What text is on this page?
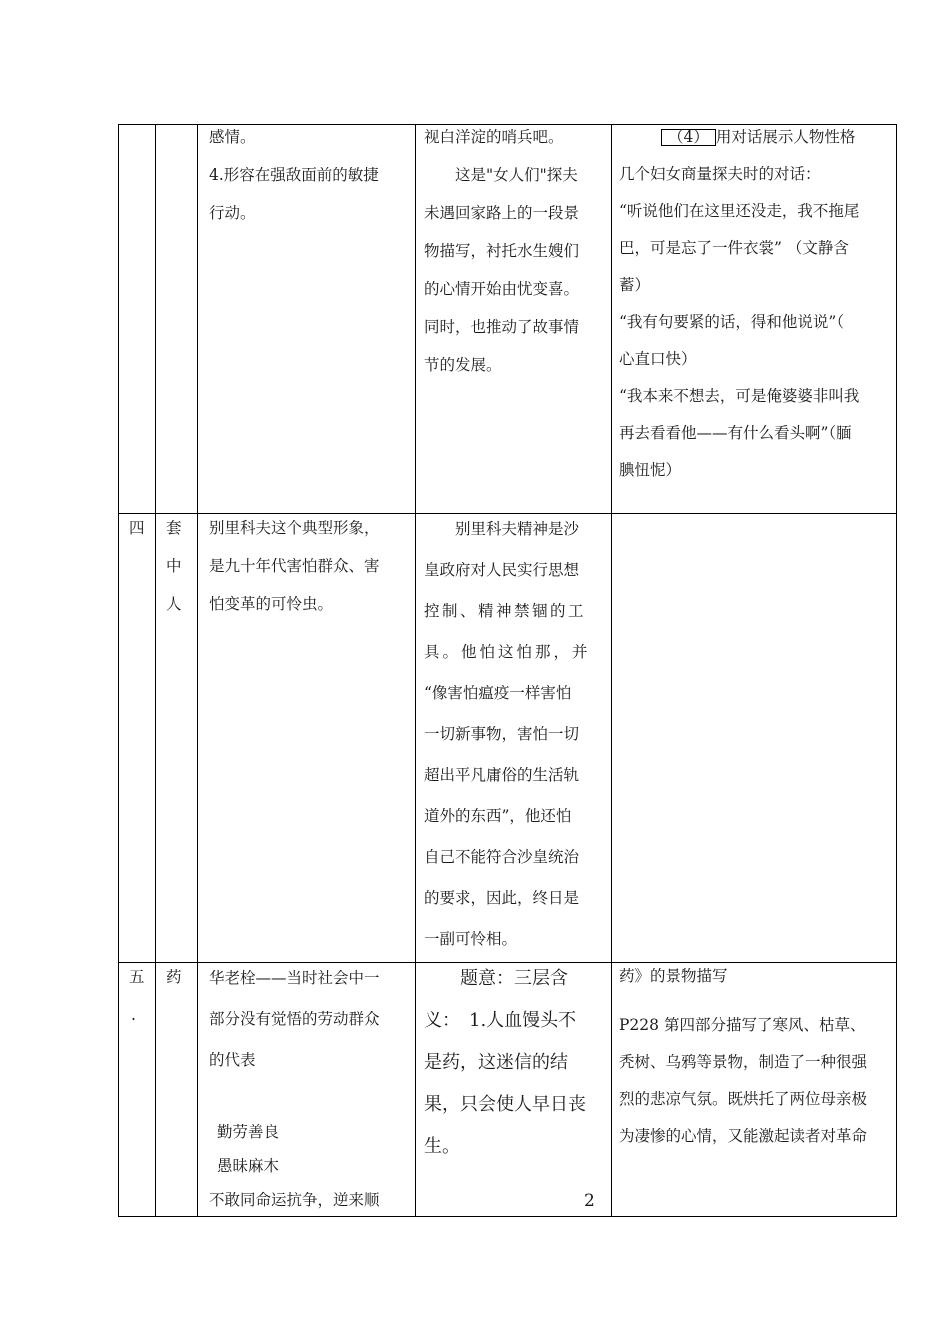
感情。
4.形容在强敌面前的敏捷
行动。
视白洋淀的哨兵吧。
　　这是"女人们"探夫
未遇回家路上的一段景
物描写，衬托水生嫂们
的心情开始由忧变喜。
同时，也推动了故事情
节的发展。
（4） 用对话展示人物性格
几个妇女商量探夫时的对话：
“听说他们在这里还没走，我不拖尾
巴，可是忘了一件衣裳” （文静含
蓄）
“我有句要紧的话，得和他说说”（
心直口快）
“我本来不想去，可是俺婆婆非叫我
再去看看他——有什么看头啊”（腼
腆忸怩）
四 套
中
人
别里科夫这个典型形象，
是九十年代害怕群众、害
怕变革的可怜虫。
　　别里科夫精神是沙
皇政府对人民实行思想
控制、精神禁锢的工
具。他怕这怕那，并
“像害怕瘟疫一样害怕
一切新事物，害怕一切
超出平凡庸俗的生活轨
道外的东西”，他还怕
自己不能符合沙皇统治
的要求，因此，终日是
一副可怜相。
五
.
药 华老栓——当时社会中一
部分没有觉悟的劳动群众
的代表
勤劳善良
愚昧麻木
不敢同命运抗争，逆来顺
　　题意：三层含
义：　1.人血馒头不
是药，这迷信的结
果，只会使人早日丧
生。
药》的景物描写
P228 第四部分描写了寒风、枯草、
秃树、乌鸦等景物，制造了一种很强
烈的悲凉气氛。既烘托了两位母亲极
为凄惨的心情，又能激起读者对革命
2
